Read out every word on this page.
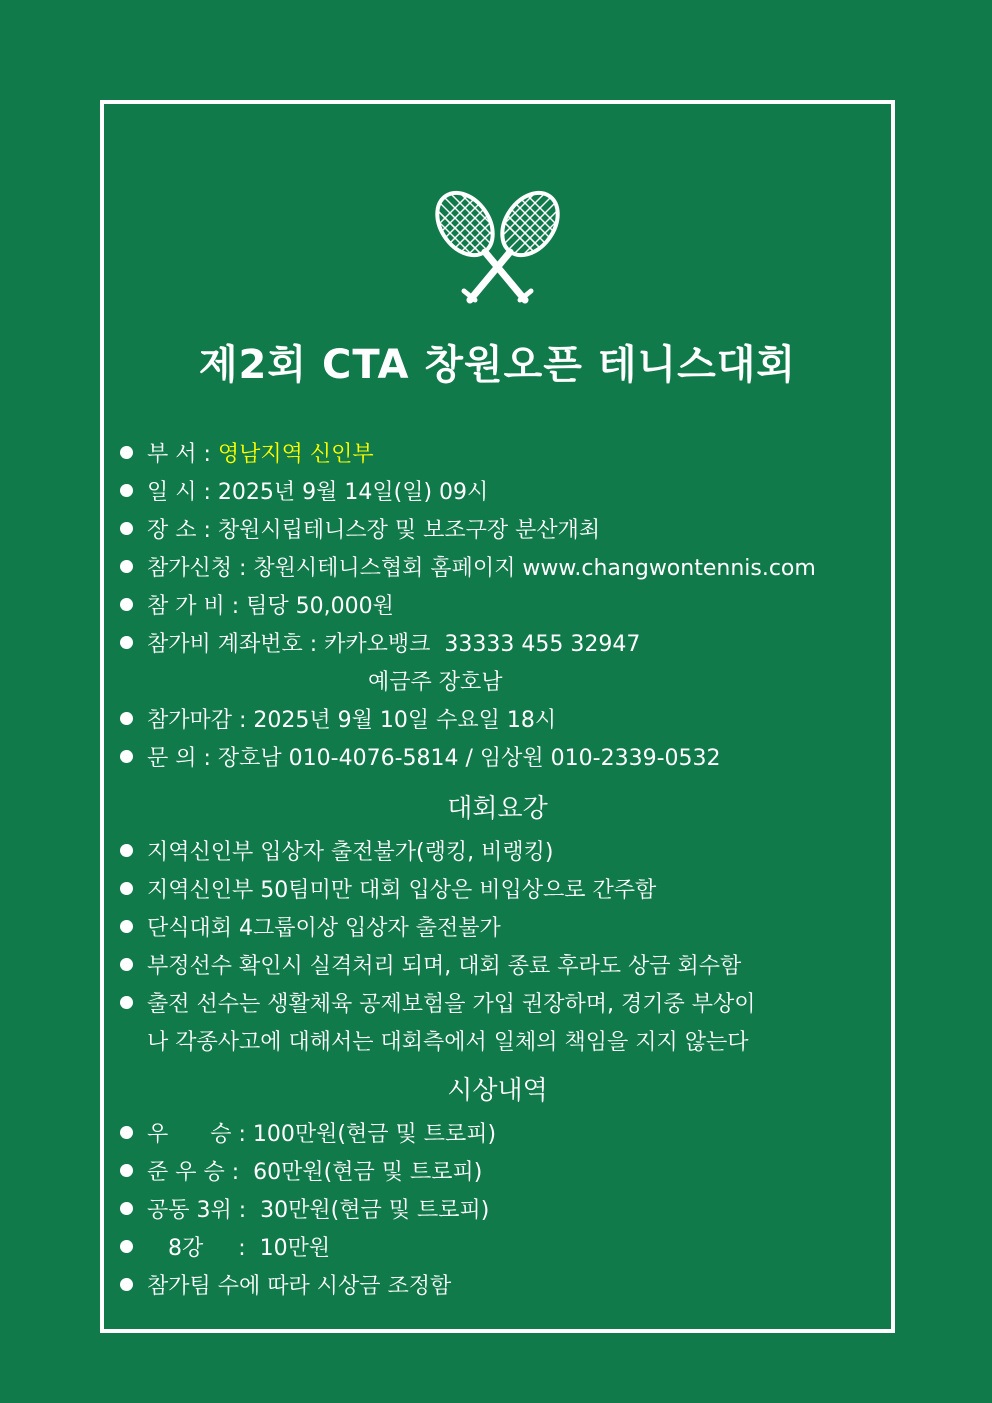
제2회 CTA 창원오픈 테니스대회
부 서 : 영남지역 신인부
일 시 : 2025년 9월 14일(일) 09시
장 소 : 창원시립테니스장 및 보조구장 분산개최
참가신청 : 창원시테니스협회 홈페이지 www.changwontennis.com
참 가 비 : 팀당 50,000원
참가비 계좌번호 : 카카오뱅크  33333 455 32947
예금주 장호남
참가마감 : 2025년 9월 10일 수요일 18시
문 의 : 장호남 010-4076-5814 / 임상원 010-2339-0532
대회요강
지역신인부 입상자 출전불가(랭킹, 비랭킹)
지역신인부 50팀미만 대회 입상은 비입상으로 간주함
단식대회 4그룹이상 입상자 출전불가
부정선수 확인시 실격처리 되며, 대회 종료 후라도 상금 회수함
출전 선수는 생활체육 공제보험을 가입 권장하며, 경기중 부상이
나 각종사고에 대해서는 대회측에서 일체의 책임을 지지 않는다
시상내역
우      승 : 100만원(현금 및 트로피)
준 우 승 :  60만원(현금 및 트로피)
공동 3위 :  30만원(현금 및 트로피)
8강     :  10만원
참가팀 수에 따라 시상금 조정함
